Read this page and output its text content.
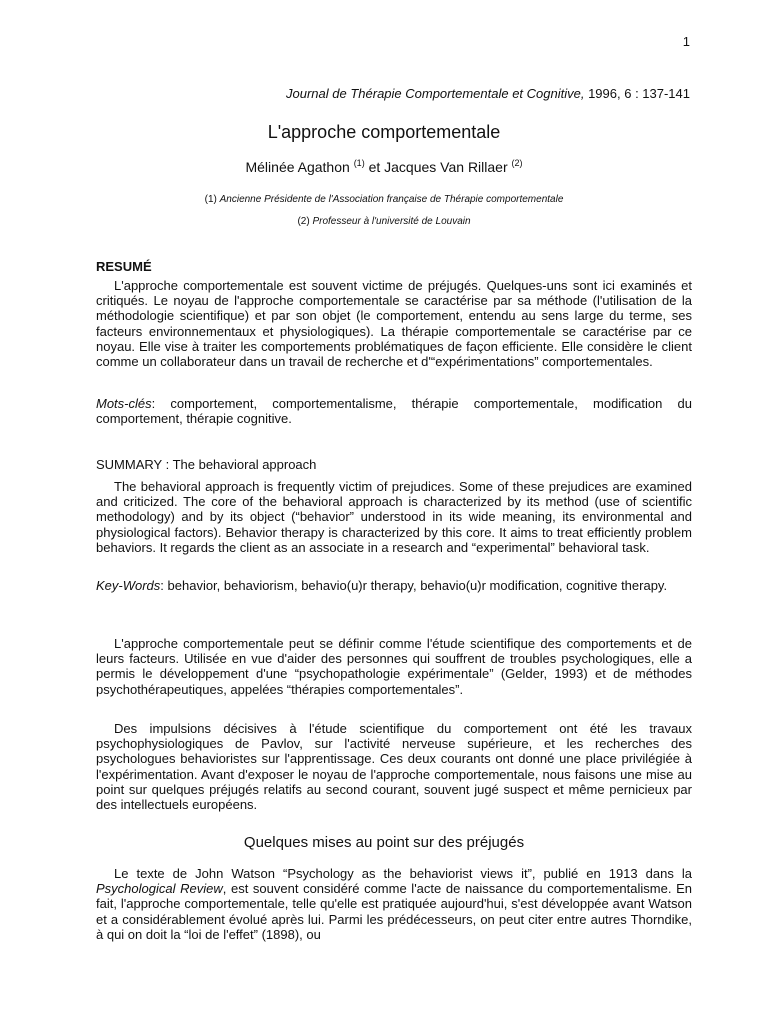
1
Journal de Thérapie Comportementale et Cognitive, 1996, 6 : 137-141
L'approche comportementale
Mélinée Agathon $^{(1)}$ et Jacques Van Rillaer $^{(2)}$
(1) Ancienne Présidente de l'Association française de Thérapie comportementale
(2) Professeur à l'université de Louvain
RESUMÉ
L'approche comportementale est souvent victime de préjugés. Quelques-uns sont ici examinés et critiqués. Le noyau de l'approche comportementale se caractérise par sa méthode (l'utilisation de la méthodologie scientifique) et par son objet (le comportement, entendu au sens large du terme, ses facteurs environnementaux et physiologiques). La thérapie comportementale se caractérise par ce noyau. Elle vise à traiter les comportements problématiques de façon efficiente. Elle considère le client comme un collaborateur dans un travail de recherche et d'“expérimentations” comportementales.
Mots-clés: comportement, comportementalisme, thérapie comportementale, modification du comportement, thérapie cognitive.
SUMMARY : The behavioral approach
The behavioral approach is frequently victim of prejudices. Some of these prejudices are examined and criticized. The core of the behavioral approach is characterized by its method (use of scientific methodology) and by its object (“behavior” understood in its wide meaning, its environmental and physiological factors). Behavior therapy is characterized by this core. It aims to treat efficiently problem behaviors. It regards the client as an associate in a research and “experimental” behavioral task.
Key-Words: behavior, behaviorism, behavio(u)r therapy, behavio(u)r modification, cognitive therapy.
L'approche comportementale peut se définir comme l'étude scientifique des comportements et de leurs facteurs. Utilisée en vue d'aider des personnes qui souffrent de troubles psychologiques, elle a permis le développement d'une “psychopathologie expérimentale” (Gelder, 1993) et de méthodes psychothérapeutiques, appelées “thérapies comportementales”.
Des impulsions décisives à l'étude scientifique du comportement ont été les travaux psychophysiologiques de Pavlov, sur l'activité nerveuse supérieure, et les recherches des psychologues behavioristes sur l'apprentissage. Ces deux courants ont donné une place privilégiée à l'expérimentation. Avant d'exposer le noyau de l'approche comportementale, nous faisons une mise au point sur quelques préjugés relatifs au second courant, souvent jugé suspect et même pernicieux par des intellectuels européens.
Quelques mises au point sur des préjugés
Le texte de John Watson “Psychology as the behaviorist views it”, publié en 1913 dans la Psychological Review, est souvent considéré comme l'acte de naissance du comportementalisme. En fait, l'approche comportementale, telle qu'elle est pratiquée aujourd'hui, s'est développée avant Watson et a considérablement évolué après lui. Parmi les prédécesseurs, on peut citer entre autres Thorndike, à qui on doit la “loi de l'effet” (1898), ou
